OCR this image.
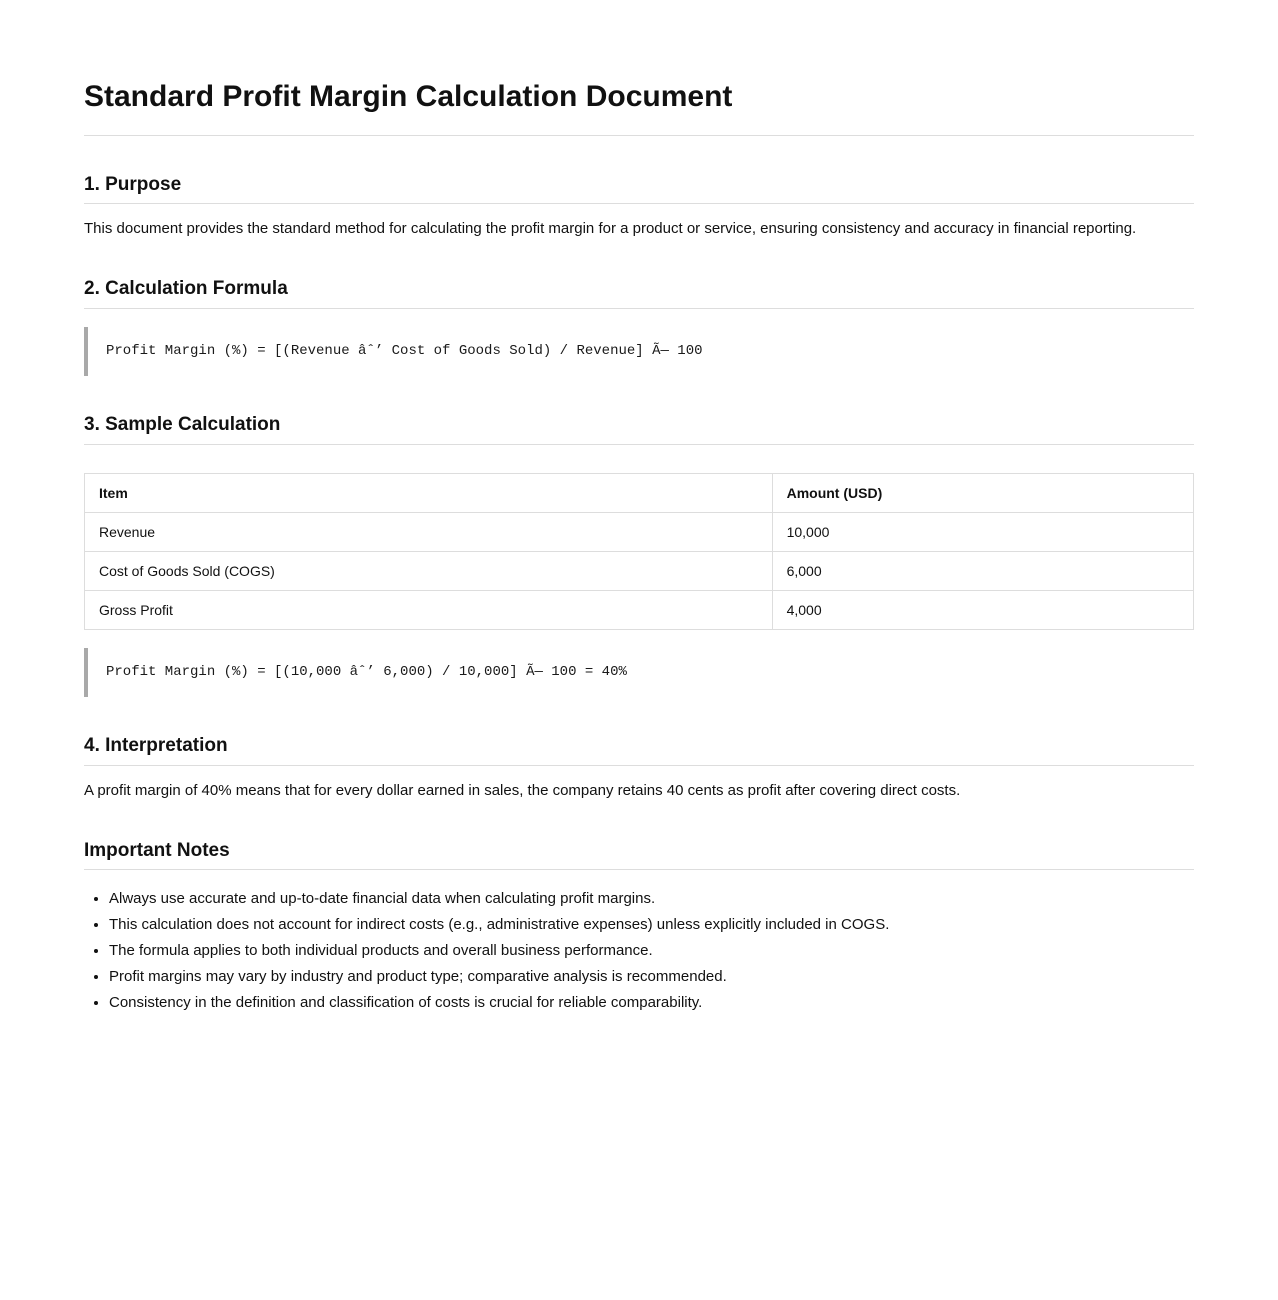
Standard Profit Margin Calculation Document
1. Purpose

This document provides the standard method for calculating the profit margin for a product or service, ensuring consistency and accuracy in financial reporting.

2. Calculation Formula
Profit Margin (%) = [(Revenue âˆ’ Cost of Goods Sold) / Revenue] Ã— 100
3. Sample Calculation
Item	Amount (USD)
Revenue	10,000
Cost of Goods Sold (COGS)	6,000
Gross Profit	4,000
Profit Margin (%) = [(10,000 âˆ’ 6,000) / 10,000] Ã— 100 = 40%
4. Interpretation

A profit margin of 40% means that for every dollar earned in sales, the company retains 40 cents as profit after covering direct costs.

Important Notes
• Always use accurate and up-to-date financial data when calculating profit margins.
• This calculation does not account for indirect costs (e.g., administrative expenses) unless explicitly included in COGS.
• The formula applies to both individual products and overall business performance.
• Profit margins may vary by industry and product type; comparative analysis is recommended.
• Consistency in the definition and classification of costs is crucial for reliable comparability.
